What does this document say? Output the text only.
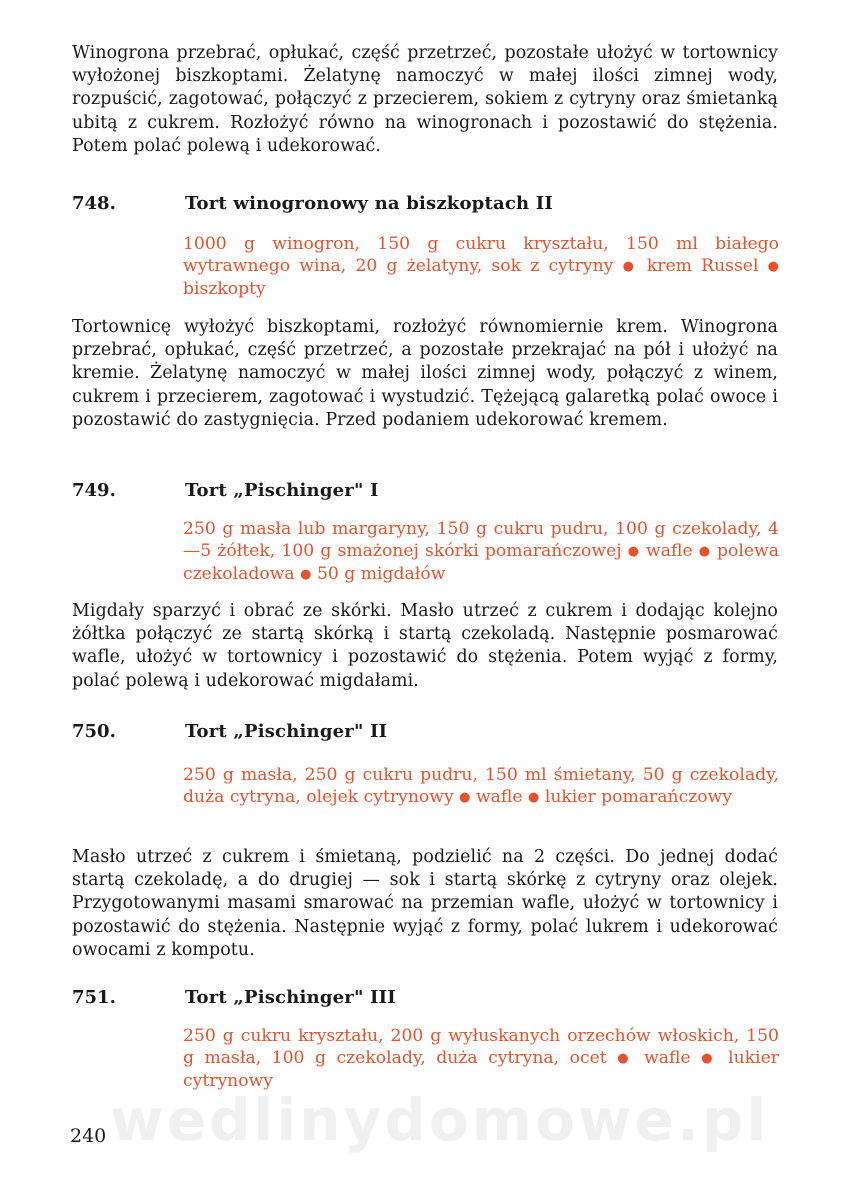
Winogrona przebrać, opłukać, część przetrzeć, pozostałe ułożyć w tortownicy wyłożonej biszkoptami. Żelatynę namoczyć w małej ilości zimnej wody, rozpuścić, zagotować, połączyć z przecierem, sokiem z cytryny oraz śmietanką ubitą z cukrem. Rozłożyć równo na winogronach i pozostawić do stężenia. Potem polać polewą i udekorować.

748.	Tort winogronowy na biszkoptach II

1000 g winogron, 150 g cukru kryształu, 150 ml białego wytrawnego wina, 20 g żelatyny, sok z cytryny ● krem Russel ● biszkopty

Tortownicę wyłożyć biszkoptami, rozłożyć równomiernie krem. Winogrona przebrać, opłukać, część przetrzeć, a pozostałe przekrajać na pół i ułożyć na kremie. Żelatynę namoczyć w małej ilości zimnej wody, połączyć z winem, cukrem i przecierem, zagotować i wystudzić. Tężejącą galaretką polać owoce i pozostawić do zastygnięcia. Przed podaniem udekorować kremem.

749.	Tort „Pischinger" I

250 g masła lub margaryny, 150 g cukru pudru, 100 g czekolady, 4—5 żółtek, 100 g smażonej skórki pomarańczowej ● wafle ● polewa czekoladowa ● 50 g migdałów

Migdały sparzyć i obrać ze skórki. Masło utrzeć z cukrem i dodając kolejno żółtka połączyć ze startą skórką i startą czekoladą. Następnie posmarować wafle, ułożyć w tortownicy i pozostawić do stężenia. Potem wyjąć z formy, polać polewą i udekorować migdałami.

750.	Tort „Pischinger" II

250 g masła, 250 g cukru pudru, 150 ml śmietany, 50 g czekolady, duża cytryna, olejek cytrynowy ● wafle ● lukier pomarańczowy

Masło utrzeć z cukrem i śmietaną, podzielić na 2 części. Do jednej dodać startą czekoladę, a do drugiej — sok i startą skórkę z cytryny oraz olejek. Przygotowanymi masami smarować na przemian wafle, ułożyć w tortownicy i pozostawić do stężenia. Następnie wyjąć z formy, polać lukrem i udekorować owocami z kompotu.

751.	Tort „Pischinger" III

250 g cukru kryształu, 200 g wyłuskanych orzechów włoskich, 150 g masła, 100 g czekolady, duża cytryna, ocet ● wafle ● lukier cytrynowy

wedlinydomowe.pl
240
